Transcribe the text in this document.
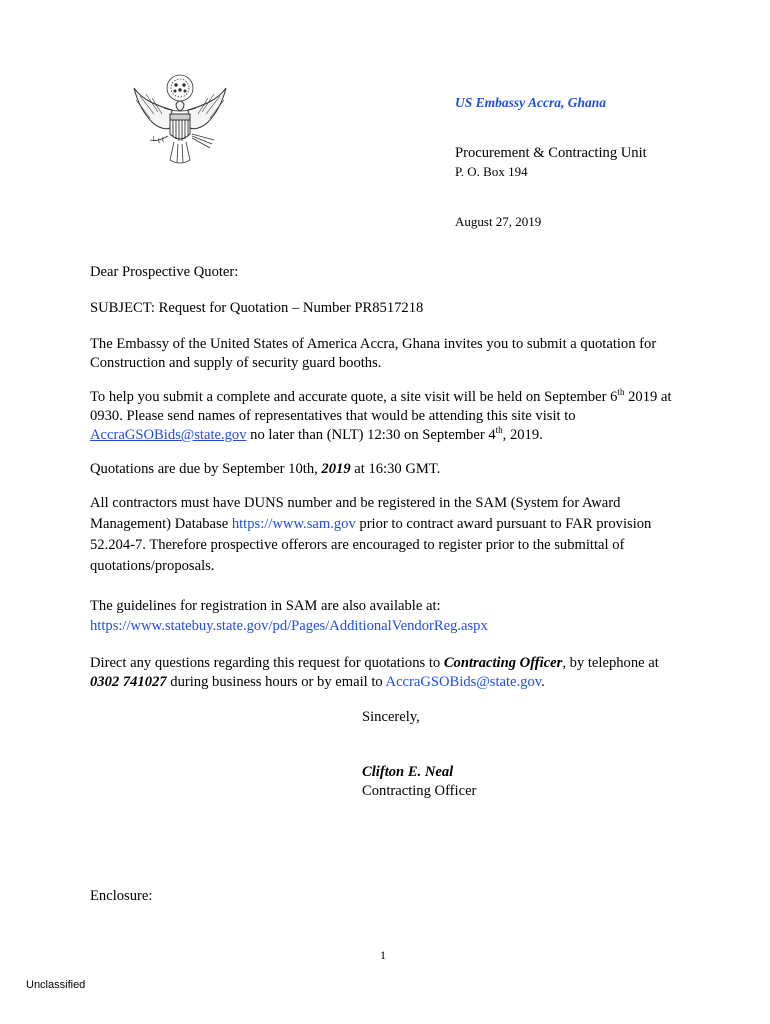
US Embassy Accra, Ghana
Procurement & Contracting Unit
P. O. Box 194
August 27, 2019
Dear Prospective Quoter:
SUBJECT: Request for Quotation – Number PR8517218
The Embassy of the United States of America Accra, Ghana invites you to submit a quotation for Construction and supply of security guard booths.
To help you submit a complete and accurate quote, a site visit will be held on September 6th 2019 at 0930. Please send names of representatives that would be attending this site visit to AccraGSOBids@state.gov no later than (NLT) 12:30 on September 4th, 2019.
Quotations are due by September 10th, 2019 at 16:30 GMT.
All contractors must have DUNS number and be registered in the SAM (System for Award Management) Database https://www.sam.gov prior to contract award pursuant to FAR provision 52.204-7. Therefore prospective offerors are encouraged to register prior to the submittal of quotations/proposals.
The guidelines for registration in SAM are also available at:
https://www.statebuy.state.gov/pd/Pages/AdditionalVendorReg.aspx
Direct any questions regarding this request for quotations to Contracting Officer, by telephone at 0302 741027 during business hours or by email to AccraGSOBids@state.gov.
Sincerely,
Clifton E. Neal
Contracting Officer
Enclosure:
1
Unclassified
